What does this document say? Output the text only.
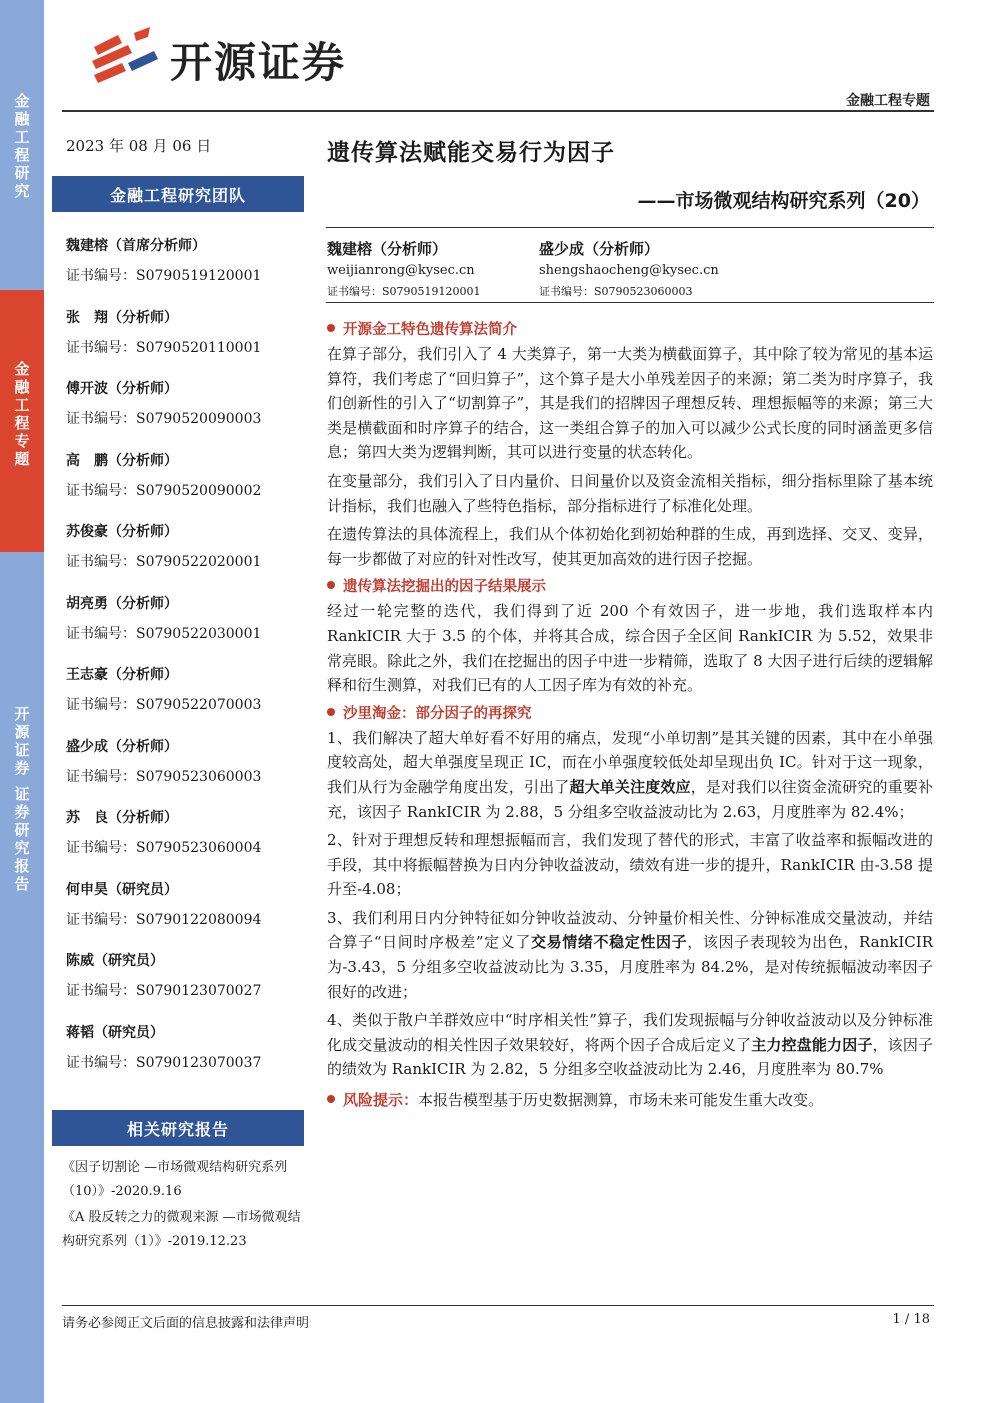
金
融
工
程
研
究
金
融
工
程
专
题
开
源
证
券
证
券
研
究
报
告
开源证券
金融工程专题
2023 年 08 月 06 日
金融工程研究团队
魏建榕（首席分析师）
证书编号：S0790519120001
张　翔（分析师）
证书编号：S0790520110001
傅开波（分析师）
证书编号：S0790520090003
高　鹏（分析师）
证书编号：S0790520090002
苏俊豪（分析师）
证书编号：S0790522020001
胡亮勇（分析师）
证书编号：S0790522030001
王志豪（分析师）
证书编号：S0790522070003
盛少成（分析师）
证书编号：S0790523060003
苏　良（分析师）
证书编号：S0790523060004
何申昊（研究员）
证书编号：S0790122080094
陈威（研究员）
证书编号：S0790123070027
蒋韬（研究员）
证书编号：S0790123070037
相关研究报告
《因子切割论 —市场微观结构研究系列（10）》-2020.9.16
《A 股反转之力的微观来源 —市场微观结构研究系列（1）》-2019.12.23
遗传算法赋能交易行为因子
——市场微观结构研究系列（20）
魏建榕（分析师）
weijianrong@kysec.cn
证书编号：S0790519120001
盛少成（分析师）
shengshaocheng@kysec.cn
证书编号：S0790523060003
开源金工特色遗传算法简介
在算子部分，我们引入了 4 大类算子，第一大类为横截面算子，其中除了较为常见的基本运算符，我们考虑了“回归算子”，这个算子是大小单残差因子的来源；第二类为时序算子，我们创新性的引入了“切割算子”，其是我们的招牌因子理想反转、理想振幅等的来源；第三大类是横截面和时序算子的结合，这一类组合算子的加入可以减少公式长度的同时涵盖更多信息；第四大类为逻辑判断，其可以进行变量的状态转化。
在变量部分，我们引入了日内量价、日间量价以及资金流相关指标，细分指标里除了基本统计指标，我们也融入了些特色指标，部分指标进行了标准化处理。
在遗传算法的具体流程上，我们从个体初始化到初始种群的生成，再到选择、交叉、变异，每一步都做了对应的针对性改写，使其更加高效的进行因子挖掘。
遗传算法挖掘出的因子结果展示
经过一轮完整的迭代，我们得到了近 200 个有效因子，进一步地，我们选取样本内 RankICIR 大于 3.5 的个体，并将其合成，综合因子全区间 RankICIR 为 5.52，效果非常亮眼。除此之外，我们在挖掘出的因子中进一步精筛，选取了 8 大因子进行后续的逻辑解释和衍生测算，对我们已有的人工因子库为有效的补充。
沙里淘金：部分因子的再探究
1、我们解决了超大单好看不好用的痛点，发现“小单切割”是其关键的因素，其中在小单强度较高处，超大单强度呈现正 IC，而在小单强度较低处却呈现出负 IC。针对于这一现象，我们从行为金融学角度出发，引出了超大单关注度效应，是对我们以往资金流研究的重要补充，该因子 RankICIR 为 2.88，5 分组多空收益波动比为 2.63，月度胜率为 82.4%；
2、针对于理想反转和理想振幅而言，我们发现了替代的形式，丰富了收益率和振幅改进的手段，其中将振幅替换为日内分钟收益波动，绩效有进一步的提升，RankICIR 由-3.58 提升至-4.08；
3、我们利用日内分钟特征如分钟收益波动、分钟量价相关性、分钟标准成交量波动，并结合算子“日间时序极差”定义了交易情绪不稳定性因子，该因子表现较为出色，RankICIR 为-3.43，5 分组多空收益波动比为 3.35，月度胜率为 84.2%，是对传统振幅波动率因子很好的改进；
4、类似于散户羊群效应中“时序相关性”算子，我们发现振幅与分钟收益波动以及分钟标准化成交量波动的相关性因子效果较好，将两个因子合成后定义了主力控盘能力因子，该因子的绩效为 RankICIR 为 2.82，5 分组多空收益波动比为 2.46，月度胜率为 80.7%
风险提示：本报告模型基于历史数据测算，市场未来可能发生重大改变。
请务必参阅正文后面的信息披露和法律声明	1 / 18
